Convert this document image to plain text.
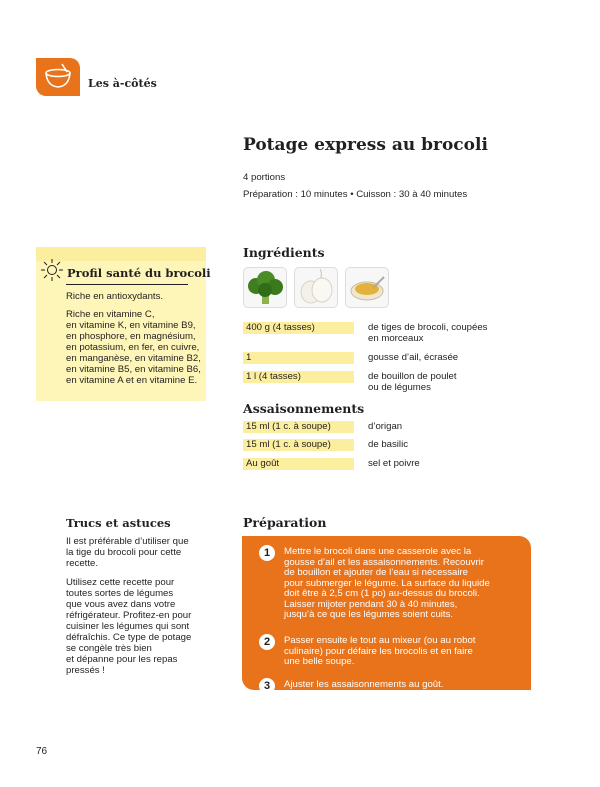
Les à-côtés
Potage express au brocoli
4 portions
Préparation : 10 minutes • Cuisson : 30 à 40 minutes
Ingrédients
400 g (4 tasses)	de tiges de brocoli, coupées
en morceaux
1	gousse d’ail, écrasée
1 l (4 tasses)	de bouillon de poulet
ou de légumes
Assaisonnements
15 ml (1 c. à soupe)	d’origan
15 ml (1 c. à soupe)	de basilic
Au goût	sel et poivre
Profil santé du brocoli
Riche en antioxydants.
Riche en vitamine C,
en vitamine K, en vitamine B9,
en phosphore, en magnésium,
en potassium, en fer, en cuivre,
en manganèse, en vitamine B2,
en vitamine B5, en vitamine B6,
en vitamine A et en vitamine E.
Trucs et astuces
Il est préférable d’utiliser que
la tige du brocoli pour cette
recette.
Utilisez cette recette pour
toutes sortes de légumes
que vous avez dans votre
réfrigérateur. Profitez-en pour
cuisiner les légumes qui sont
défraîchis. Ce type de potage
se congèle très bien
et dépanne pour les repas
pressés !
Préparation
1	Mettre le brocoli dans une casserole avec la
gousse d’ail et les assaisonnements. Recouvrir
de bouillon et ajouter de l’eau si nécessaire
pour submerger le légume. La surface du liquide
doit être à 2,5 cm (1 po) au-dessus du brocoli.
Laisser mijoter pendant 30 à 40 minutes,
jusqu’à ce que les légumes soient cuits.
2	Passer ensuite le tout au mixeur (ou au robot
culinaire) pour défaire les brocolis et en faire
une belle soupe.
3	Ajuster les assaisonnements au goût.
76
